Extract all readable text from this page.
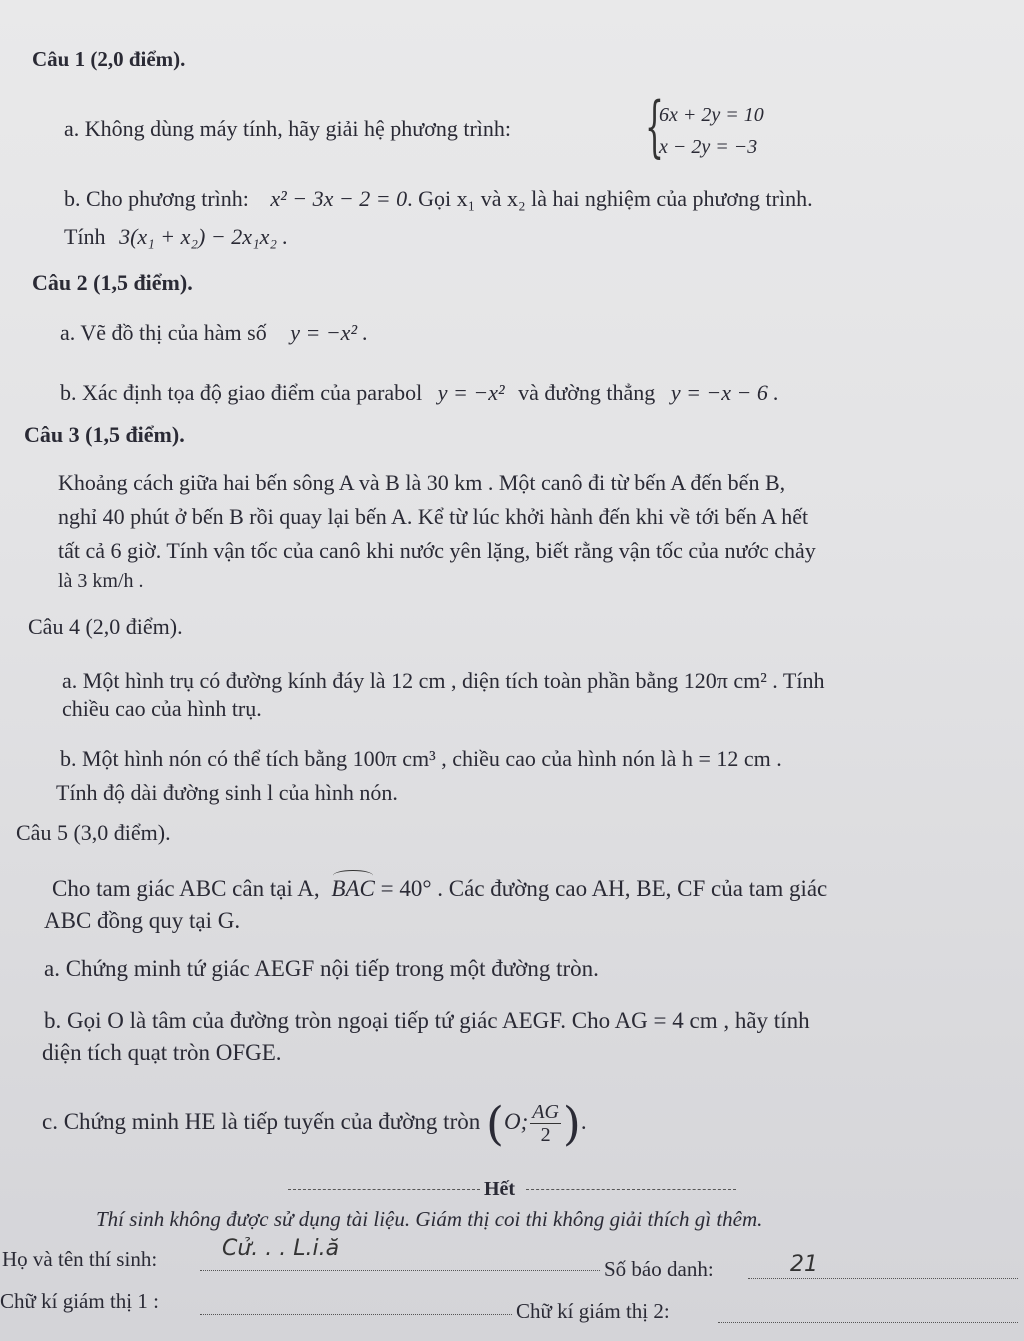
Câu 1 (2,0 điểm).
a. Không dùng máy tính, hãy giải hệ phương trình: {
6x + 2y = 10
x − 2y = −3
b. Cho phương trình: x² − 3x − 2 = 0. Gọi x₁ và x₂ là hai nghiệm của phương trình.
Tính 3(x₁ + x₂) − 2x₁x₂ .
Câu 2 (1,5 điểm).
a. Vẽ đồ thị của hàm số y = −x² .
b. Xác định tọa độ giao điểm của parabol y = −x² và đường thẳng y = −x − 6 .
Câu 3 (1,5 điểm).
Khoảng cách giữa hai bến sông A và B là 30 km . Một canô đi từ bến A đến bến B,
nghỉ 40 phút ở bến B rồi quay lại bến A. Kể từ lúc khởi hành đến khi về tới bến A hết
tất cả 6 giờ. Tính vận tốc của canô khi nước yên lặng, biết rằng vận tốc của nước chảy
là 3 km/h .
Câu 4 (2,0 điểm).
a. Một hình trụ có đường kính đáy là 12 cm , diện tích toàn phần bằng 120π cm² . Tính
chiều cao của hình trụ.
b. Một hình nón có thể tích bằng 100π cm³ , chiều cao của hình nón là h = 12 cm .
Tính độ dài đường sinh l của hình nón.
Câu 5 (3,0 điểm).
Cho tam giác ABC cân tại A, BAC = 40° . Các đường cao AH, BE, CF của tam giác
ABC đồng quy tại G.
a. Chứng minh tứ giác AEGF nội tiếp trong một đường tròn.
b. Gọi O là tâm của đường tròn ngoại tiếp tứ giác AEGF. Cho AG = 4 cm , hãy tính
diện tích quạt tròn OFGE.
c. Chứng minh HE là tiếp tuyến của đường tròn (O; $\frac{AG}{2}$ ).
Hết
Thí sinh không được sử dụng tài liệu. Giám thị coi thi không giải thích gì thêm.
Họ và tên thí sinh:	Cử. . . L.i.ă
Số báo danh:	21
Chữ kí giám thị 1 :	Chữ kí giám thị 2:
